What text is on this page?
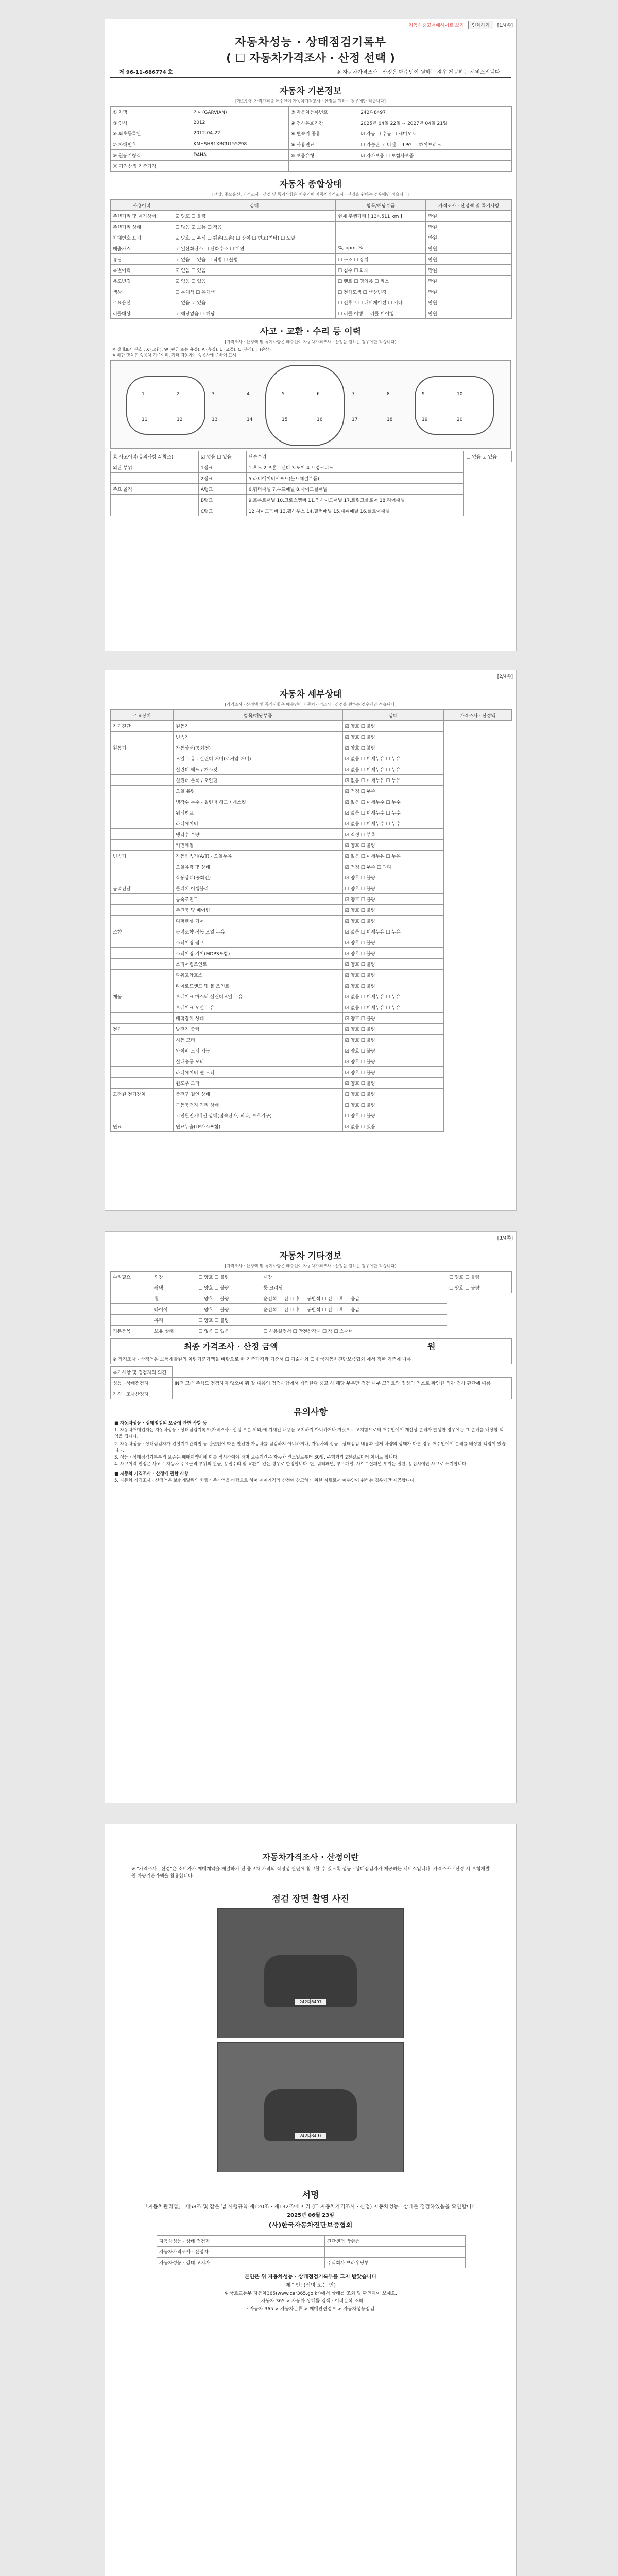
자동차중고매매사이트 보기	인쇄하기	[1/4쪽]
자동차성능 · 상태점검기록부
( ☐ 자동차가격조사 · 산정 선택 )
제 96-11-686774 호	※ 자동차가격조사 · 산정은 매수인이 원하는 경우 제공하는 서비스입니다.
자동차 기본정보
[가로안된 가격가격을 매수인이 자동차가격조사 · 산정을 원하는 경우에만 적습니다]
① 차명	기아(GARVIAN)	② 자동차등록번호	242디8497
③ 연식	2012	④ 검사유효기간	2025년 04일 22일 ~ 2027년 04일 21일
⑤ 최초등록일	2012-04-22	⑥ 변속기 종류	☑ 자동 ☐ 수동 ☐ 세미오토
⑦ 차대번호	KMHSH81XBCU155298	⑧ 사용연료	☐ 가솔린 ☑ 디젤 ☐ LPG ☐ 하이브리드
⑨ 원동기형식	D4HA	⑩ 보증유형	☑ 자가보증 ☐ 보험사보증
⑪ 가격산정 기준가격			
자동차 종합상태
[색상, 주요옵션, 가격조사 · 산정 및 특기사항은 매수인이 자동차가격조사 · 산정을 원하는 경우에만 적습니다]
사용이력	상태	항목/해당부품	가격조사 · 산정액 및 특기사항
주행거리 및 계기상태	☑ 양호 ☐ 불량	현재 주행거리 [ 134,511 km ]	만원
주행거리 상태	☐ 많음 ☑ 보통 ☐ 적음		만원
차대번호 표기	☑ 양호 ☐ 부식 ☐ 훼손(오손) ☐ 상이 ☐ 변조(변타) ☐ 도말		만원
배출가스	☑ 일산화탄소 ☐ 탄화수소 ☐ 매연	%, ppm, %	만원
튜닝	☑ 없음 ☐ 있음 ☐ 적법 ☐ 불법	☐ 구조 ☐ 장치	만원
특별이력	☑ 없음 ☐ 있음	☐ 침수 ☐ 화재	만원
용도변경	☑ 없음 ☐ 있음	☐ 렌트 ☐ 영업용 ☐ 리스	만원
색상	☐ 무채색 ☐ 유채색	☐ 전체도색 ☐ 색상변경	만원
주요옵션	☐ 없음 ☑ 있음	☐ 선루프 ☐ 내비게이션 ☐ 기타	만원
리콜대상	☑ 해당없음 ☐ 해당	☐ 리콜 이행 ☐ 리콜 미이행	만원
사고 · 교환 · 수리 등 이력
[가격조사 · 산정액 및 특기사항은 매수인이 자동차가격조사 · 산정을 원하는 경우에만 적습니다]
※ 상태표시 부호 : X (교환), W (판금 또는 용접), A (흠집), U (요철), C (부식), T (손상)
※ 하단 항목은 승용차 기준이며, 기타 자동차는 승용차에 준하여 표시
1	2	3	4	5	6	7	8	9	10
11	12	13	14	15	16	17	18	19	20
⑫ 사고이력(유의사항 4 참조)	☑ 없음 ☐ 있음	단순수리	☐ 없음 ☑ 있음
외판 부위	1랭크	1.후드 2.프론트펜더 3.도어 4.트렁크리드	
	2랭크	5.라디에이터서포트(볼트체결부품)	
주요 골격	A랭크	6.쿼터패널 7.루프패널 8.사이드실패널	
	B랭크	9.프론트패널 10.크로스멤버 11.인사이드패널 17.트렁크플로어 18.리어패널	
	C랭크	12.사이드멤버 13.휠하우스 14.필러패널 15.대쉬패널 16.플로어패널	
[2/4쪽]
자동차 세부상태
[가격조사 · 산정액 및 특기사항은 매수인이 자동차가격조사 · 산정을 원하는 경우에만 적습니다]
주요장치	항목/해당부품	상태	가격조사 · 산정액
자기진단	원동기	☑ 양호 ☐ 불량	
	변속기	☑ 양호 ☐ 불량	
원동기	작동상태(공회전)	☑ 양호 ☐ 불량	
	오일 누유 - 실린더 커버(로커암 커버)	☑ 없음 ☐ 미세누유 ☐ 누유	
	실린더 헤드 / 개스킷	☑ 없음 ☐ 미세누유 ☐ 누유	
	실린더 블록 / 오일팬	☑ 없음 ☐ 미세누유 ☐ 누유	
	오일 유량	☑ 적정 ☐ 부족	
	냉각수 누수 - 실린더 헤드 / 개스킷	☑ 없음 ☐ 미세누수 ☐ 누수	
	워터펌프	☑ 없음 ☐ 미세누수 ☐ 누수	
	라디에이터	☑ 없음 ☐ 미세누수 ☐ 누수	
	냉각수 수량	☑ 적정 ☐ 부족	
	커먼레일	☑ 양호 ☐ 불량	
변속기	자동변속기(A/T) - 오일누유	☑ 없음 ☐ 미세누유 ☐ 누유	
	오일유량 및 상태	☑ 적정 ☐ 부족 ☐ 과다	
	작동상태(공회전)	☑ 양호 ☐ 불량	
동력전달	클러치 어셈블리	☐ 양호 ☐ 불량	
	등속조인트	☑ 양호 ☐ 불량	
	추진축 및 베어링	☑ 양호 ☐ 불량	
	디퍼렌셜 기어	☑ 양호 ☐ 불량	
조향	동력조향 작동 오일 누유	☑ 없음 ☐ 미세누유 ☐ 누유	
	스티어링 펌프	☑ 양호 ☐ 불량	
	스티어링 기어(MDPS포함)	☑ 양호 ☐ 불량	
	스티어링조인트	☑ 양호 ☐ 불량	
	파워고압호스	☑ 양호 ☐ 불량	
	타이로드엔드 및 볼 조인트	☑ 양호 ☐ 불량	
제동	브레이크 마스터 실린더오일 누유	☑ 없음 ☐ 미세누유 ☐ 누유	
	브레이크 오일 누유	☑ 없음 ☐ 미세누유 ☐ 누유	
	배력장치 상태	☑ 양호 ☐ 불량	
전기	발전기 출력	☑ 양호 ☐ 불량	
	시동 모터	☑ 양호 ☐ 불량	
	와이퍼 모터 기능	☑ 양호 ☐ 불량	
	실내송풍 모터	☑ 양호 ☐ 불량	
	라디에이터 팬 모터	☑ 양호 ☐ 불량	
	윈도우 모터	☑ 양호 ☐ 불량	
고전원 전기장치	충전구 절연 상태	☐ 양호 ☐ 불량	
	구동축전지 격리 상태	☐ 양호 ☐ 불량	
	고전원전기배선 상태(접속단자, 피복, 보호기구)	☐ 양호 ☐ 불량	
연료	연료누출(LP가스포함)	☑ 없음 ☐ 있음	
[3/4쪽]
자동차 기타정보
[가격조사 · 산정액 및 특기사항은 매수인이 자동차가격조사 · 산정을 원하는 경우에만 적습니다]
수리필요	외장	☐ 양호 ☐ 불량	내장	☐ 양호 ☐ 불량
	광택	☐ 양호 ☐ 불량	룸 크리닝	☐ 양호 ☐ 불량
	휠	☐ 양호 ☐ 불량	운전석 ☐ 전 ☐ 후 ☐ 동반석 ☐ 전 ☐ 후 ☐ 응급	
	타이어	☐ 양호 ☐ 불량	운전석 ☐ 전 ☐ 후 ☐ 동반석 ☐ 전 ☐ 후 ☐ 응급	
	유리	☐ 양호 ☐ 불량		
기본품목	보유 상태	☐ 없음 ☐ 있음	☐ 사용설명서 ☐ 안전삼각대 ☐ 잭 ☐ 스패너	
최종 가격조사 · 산정 금액	원
※ 가격조사 · 산정액은 보험개발원의 차량기준가액을 바탕으로 한 기준가격과 기준서 ☐ 기술사회 ☐ 한국자동차진단보증협회 에서 정한 기준에 따름
특기사항 및 점검자의 의견	
성능 · 상태점검자	IN전 고속 주행도 점검하지 않으며 뭐 잘 내용의 점검사항에서 제외한다 중고 하 해당 부분만 점검 내부 고연료와 정성의 연소로 확인한 외관 검사 판단에 따름
가격 · 조사산정자	
유의사항
■ 자동차성능 · 상태점검의 보증에 관한 사항 등
1. 자동차매매업자는 자동차성능 · 상태점검기록부(가격조사 · 산정 부분 제외)에 기재된 내용을 고지하지 아니하거나 거짓으로 고지함으로써 매수인에게 재산상 손해가 발생한 경우에는 그 손해를 배상할 책임을 집니다.
2. 자동차성능 · 상태점검자가 건설기계관리법 등 관련법에 따른 안전한 자동차를 점검하지 아니하거나, 자동차의 성능 · 상태점검 내용과 실제 차량의 상태가 다른 경우 매수인에게 손해를 배상할 책임이 있습니다.
3. 성능 · 상태점검기록부의 보증은 매매계약서에 이를 적시하여야 하며 보증기간은 자동차 인도일로부터 30일, 주행거리 2천킬로미터 이내로 합니다.
4. 사고이력 인정은 사고로 자동차 주요골격 부위의 판금, 용접수리 및 교환이 있는 경우로 한정합니다. 단, 쿼터패널, 루프패널, 사이드실패널 부위는 절단, 용접시에만 사고로 표기합니다.
■ 자동차 가격조사 · 산정에 관한 사항
5. 자동차 가격조사 · 산정액은 보험개발원의 차량기준가액을 바탕으로 하며 매매가격의 산정에 참고하기 위한 자료로서 매수인이 원하는 경우에만 제공합니다.
자동차가격조사 · 산정이란
※ "가격조사 · 산정"은 소비자가 매매계약을 체결하기 전 중고차 가격의 적정성 판단에 참고할 수 있도록 성능 · 상태점검자가 제공하는 서비스입니다. 가격조사 · 산정 시 보험개발원 차량기준가액을 활용합니다.
점검 장면 촬영 사진
242다8497
242다8497
서명
「자동차관리법」 제58조 및 같은 법 시행규칙 제120조 · 제132조에 따라 (☐ 자동차가격조사 · 산정) 자동차성능 · 상태를 점검하였음을 확인합니다.
2025년 06월 23일
(사)한국자동차진단보증협회
자동차성능 · 상태 점검자	진단센터 박현종
자동차가격조사 · 산정자	
자동차성능 · 상태 고지자	주식회사 브라우닝투
본인은 위 자동차성능 · 상태점검기록부를 고지 받았습니다
매수인: (서명 또는 인)
※ 국토교통부 자동차365(www.car365.go.kr)에서 상태를 조회 및 확인하여 보세요.
· 자동차 365 > 자동차 상태를 검색 · 이력분석 조회
· 자동차 365 > 자동차분류 > 매매관련정보 > 자동차성능점검
